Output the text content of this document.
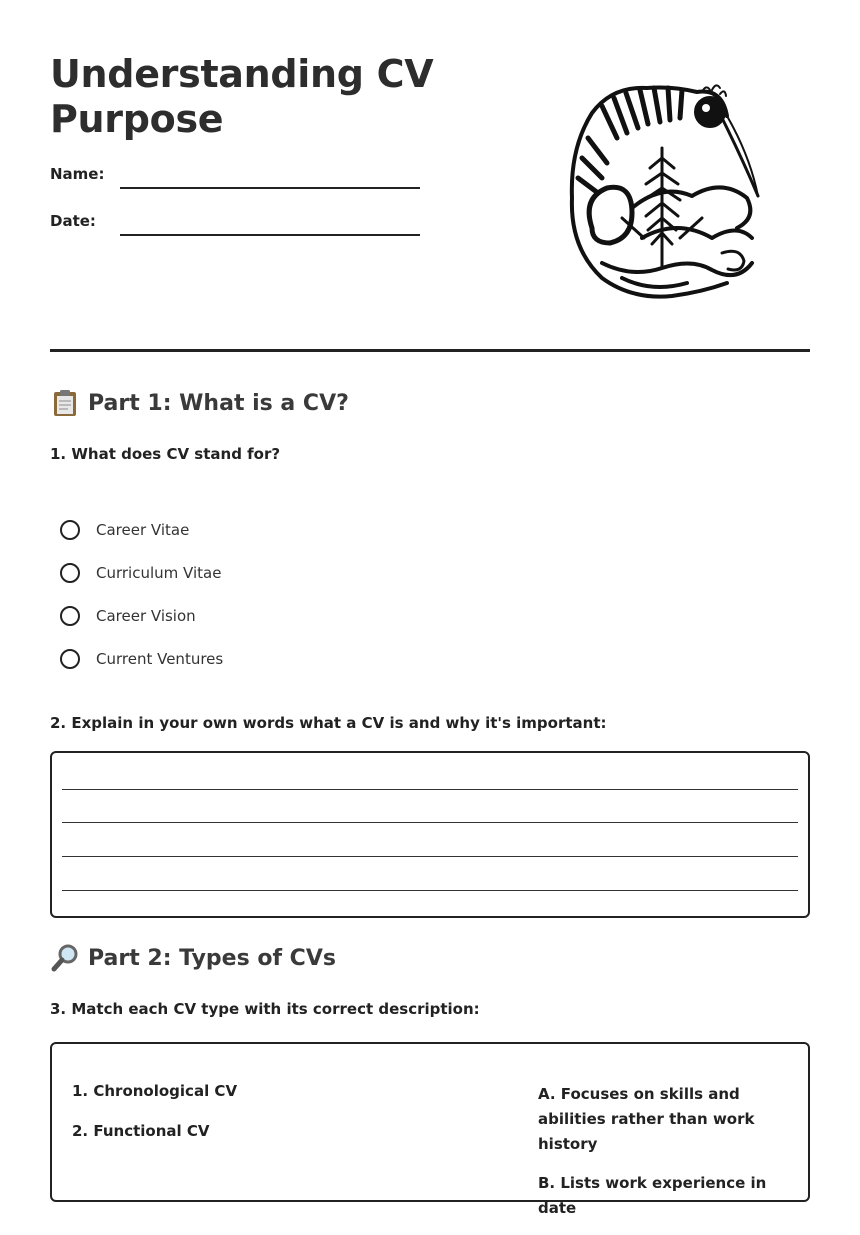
Understanding CV Purpose
Name:
Date:
Part 1: What is a CV?
1. What does CV stand for?
Career Vitae
Curriculum Vitae
Career Vision
Current Ventures
2. Explain in your own words what a CV is and why it's important:
Part 2: Types of CVs
3. Match each CV type with its correct description:
1. Chronological CV
2. Functional CV
A. Focuses on skills and abilities rather than work history
B. Lists work experience in date
